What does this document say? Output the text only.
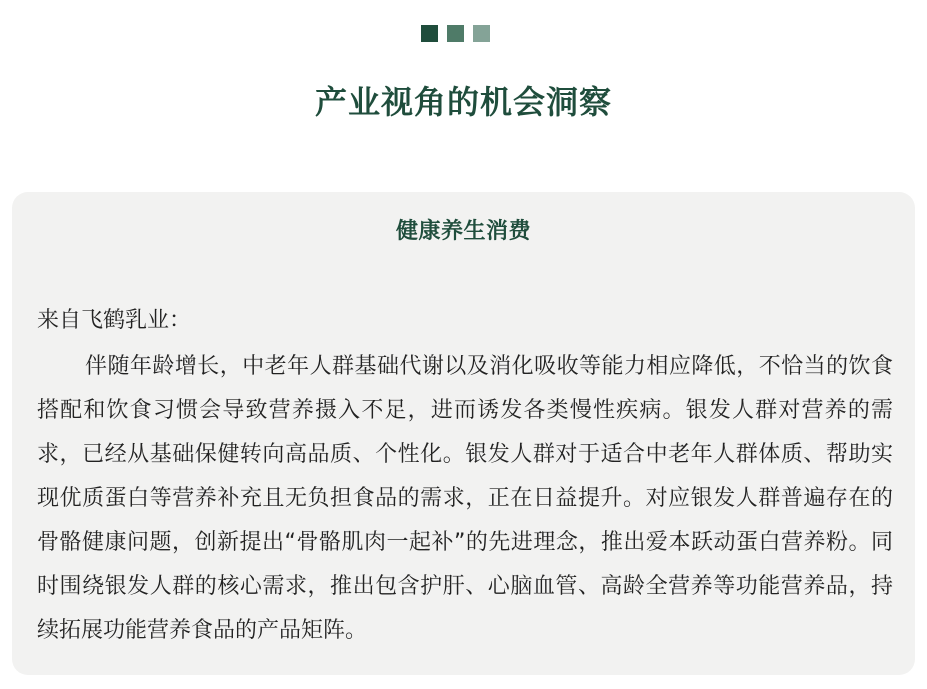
产业视角的机会洞察
健康养生消费
来自飞鹤乳业：

伴随年龄增长，中老年人群基础代谢以及消化吸收等能力相应降低，不恰当的饮食搭配和饮食习惯会导致营养摄入不足，进而诱发各类慢性疾病。银发人群对营养的需求，已经从基础保健转向高品质、个性化。银发人群对于适合中老年人群体质、帮助实现优质蛋白等营养补充且无负担食品的需求，正在日益提升。对应银发人群普遍存在的骨骼健康问题，创新提出“骨骼肌肉一起补”的先进理念，推出爱本跃动蛋白营养粉。同时围绕银发人群的核心需求，推出包含护肝、心脑血管、高龄全营养等功能营养品，持续拓展功能营养食品的产品矩阵。
